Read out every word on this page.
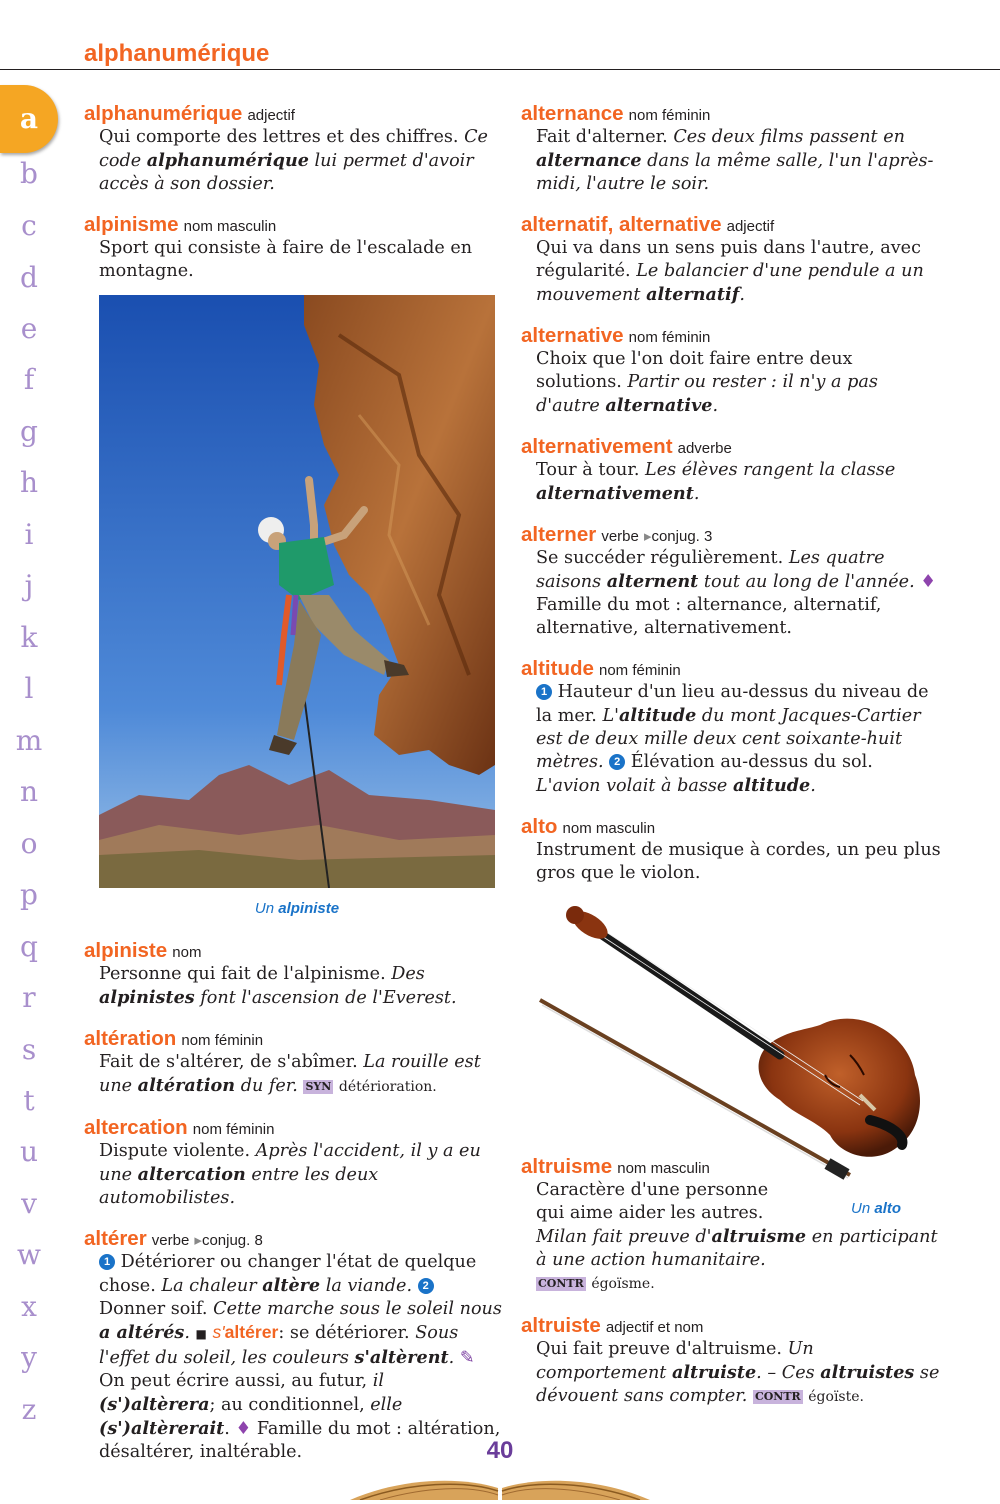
alphanumérique
a
b
c
d
e
f
g
h
i
j
k
l
m
n
o
p
q
r
s
t
u
v
w
x
y
z
alphanumérique adjectif
Qui comporte des lettres et des chiffres. Ce code alphanumérique lui permet d'avoir accès à son dossier.
alpinisme nom masculin
Sport qui consiste à faire de l'escalade en montagne.
Un alpiniste
alpiniste nom
Personne qui fait de l'alpinisme. Des alpinistes font l'ascension de l'Everest.
altération nom féminin
Fait de s'altérer, de s'abîmer. La rouille est une altération du fer. SYN détérioration.
altercation nom féminin
Dispute violente. Après l'accident, il y a eu une altercation entre les deux automobilistes.
altérer verbe ▸conjug. 8
1 Détériorer ou changer l'état de quelque chose. La chaleur altère la viande. 2 Donner soif. Cette marche sous le soleil nous a altérés. ■ s'altérer: se détériorer. Sous l'effet du soleil, les couleurs s'altèrent. ✎ On peut écrire aussi, au futur, il (s')altèrera; au conditionnel, elle (s')altèrerait. ♦ Famille du mot : altération, désaltérer, inaltérable.
alternance nom féminin
Fait d'alterner. Ces deux films passent en alternance dans la même salle, l'un l'après-midi, l'autre le soir.
alternatif, alternative adjectif
Qui va dans un sens puis dans l'autre, avec régularité. Le balancier d'une pendule a un mouvement alternatif.
alternative nom féminin
Choix que l'on doit faire entre deux solutions. Partir ou rester : il n'y a pas d'autre alternative.
alternativement adverbe
Tour à tour. Les élèves rangent la classe alternativement.
alterner verbe ▸conjug. 3
Se succéder régulièrement. Les quatre saisons alternent tout au long de l'année. ♦ Famille du mot : alternance, alternatif, alternative, alternativement.
altitude nom féminin
1 Hauteur d'un lieu au-dessus du niveau de la mer. L'altitude du mont Jacques-Cartier est de deux mille deux cent soixante-huit mètres. 2 Élévation au-dessus du sol. L'avion volait à basse altitude.
alto nom masculin
Instrument de musique à cordes, un peu plus gros que le violon.
Un alto
altruisme nom masculin
Caractère d'une personne
qui aime aider les autres.
Milan fait preuve d'altruisme en participant à une action humanitaire.
CONTR égoïsme.
altruiste adjectif et nom
Qui fait preuve d'altruisme. Un comportement altruiste. – Ces altruistes se dévouent sans compter. CONTR égoïste.
40
